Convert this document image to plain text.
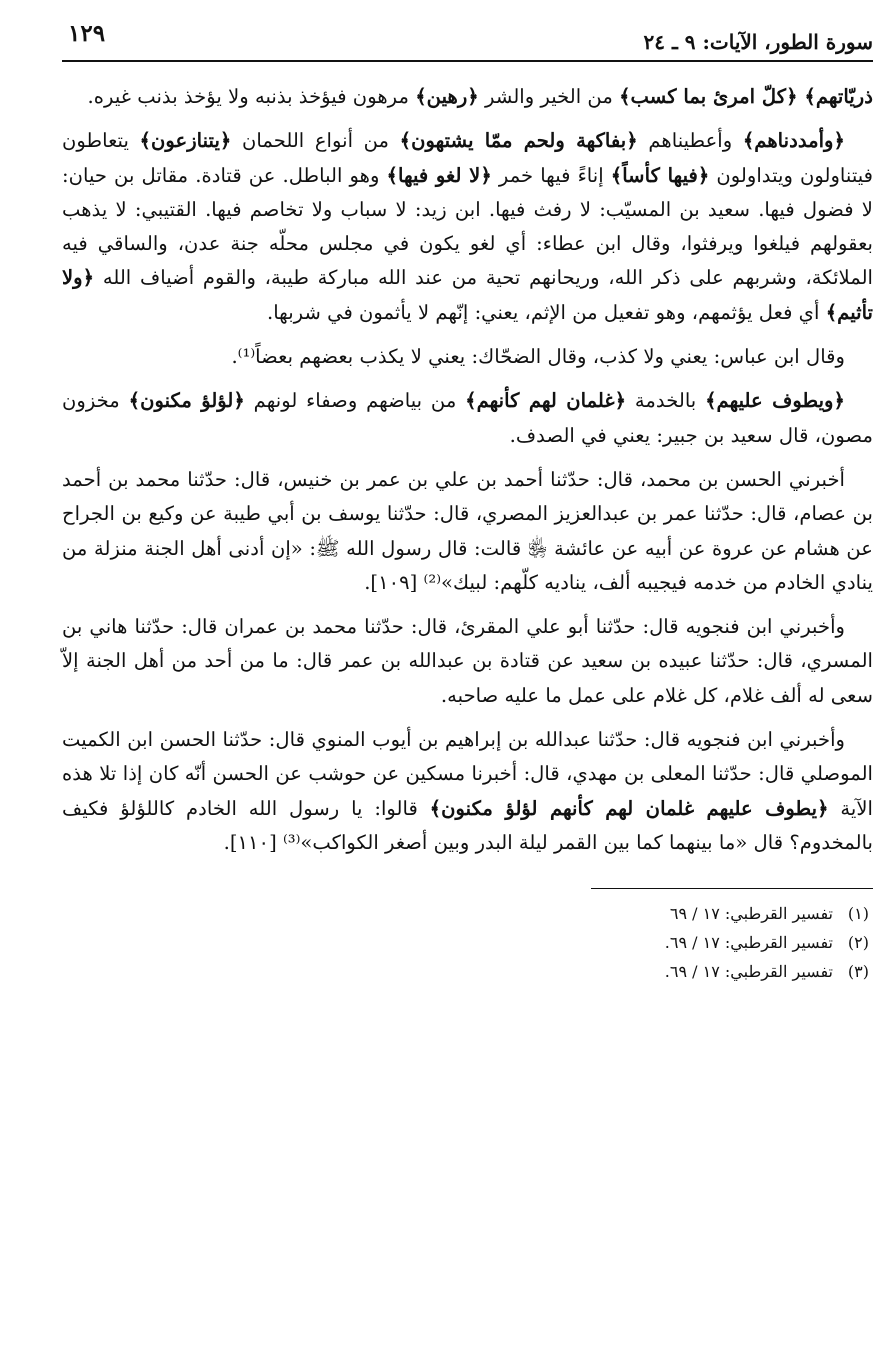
سورة الطور، الآيات: ٩ ـ ٢٤
١٢٩

ذريّاتهم﴾ ﴿كلّ امرئ بما كسب﴾ من الخير والشر ﴿رهين﴾ مرهون فيؤخذ بذنبه ولا يؤخذ بذنب غيره.

﴿وأمددناهم﴾ وأعطيناهم ﴿بفاكهة ولحم ممّا يشتهون﴾ من أنواع اللحمان ﴿يتنازعون﴾ يتعاطون فيتناولون ويتداولون ﴿فيها كأساً﴾ إناءً فيها خمر ﴿لا لغو فيها﴾ وهو الباطل. عن قتادة. مقاتل بن حيان: لا فضول فيها. سعيد بن المسيّب: لا رفث فيها. ابن زيد: لا سباب ولا تخاصم فيها. القتيبي: لا يذهب بعقولهم فيلغوا ويرفثوا، وقال ابن عطاء: أي لغو يكون في مجلس محلّه جنة عدن، والساقي فيه الملائكة، وشربهم على ذكر الله، وريحانهم تحية من عند الله مباركة طيبة، والقوم أضياف الله ﴿ولا تأثيم﴾ أي فعل يؤثمهم، وهو تفعيل من الإثم، يعني: إنّهم لا يأثمون في شربها.

وقال ابن عباس: يعني ولا كذب، وقال الضحّاك: يعني لا يكذب بعضهم بعضاً⁽¹⁾.

﴿ويطوف عليهم﴾ بالخدمة ﴿غلمان لهم كأنهم﴾ من بياضهم وصفاء لونهم ﴿لؤلؤ مكنون﴾ مخزون مصون، قال سعيد بن جبير: يعني في الصدف.

أخبرني الحسن بن محمد، قال: حدّثنا أحمد بن علي بن عمر بن خنيس، قال: حدّثنا محمد بن أحمد بن عصام، قال: حدّثنا عمر بن عبدالعزيز المصري، قال: حدّثنا يوسف بن أبي طيبة عن وكيع بن الجراح عن هشام عن عروة عن أبيه عن عائشة ﵂ قالت: قال رسول الله ﷺ: «إن أدنى أهل الجنة منزلة من ينادي الخادم من خدمه فيجيبه ألف، يناديه كلّهم: لبيك»⁽²⁾ [١٠٩].

وأخبرني ابن فنجويه قال: حدّثنا أبو علي المقرئ، قال: حدّثنا محمد بن عمران قال: حدّثنا هاني بن المسري، قال: حدّثنا عبيده بن سعيد عن قتادة بن عبدالله بن عمر قال: ما من أحد من أهل الجنة إلاّ سعى له ألف غلام، كل غلام على عمل ما عليه صاحبه.

وأخبرني ابن فنجويه قال: حدّثنا عبدالله بن إبراهيم بن أيوب المنوي قال: حدّثنا الحسن ابن الكميت الموصلي قال: حدّثنا المعلى بن مهدي، قال: أخبرنا مسكين عن حوشب عن الحسن أنّه كان إذا تلا هذه الآية ﴿يطوف عليهم غلمان لهم كأنهم لؤلؤ مكنون﴾ قالوا: يا رسول الله الخادم كاللؤلؤ فكيف بالمخدوم؟ قال «ما بينهما كما بين القمر ليلة البدر وبين أصغر الكواكب»⁽³⁾ [١١٠].

(١)
تفسير القرطبي: ١٧ / ٦٩
(٢)
تفسير القرطبي: ١٧ / ٦٩.
(٣)
تفسير القرطبي: ١٧ / ٦٩.
